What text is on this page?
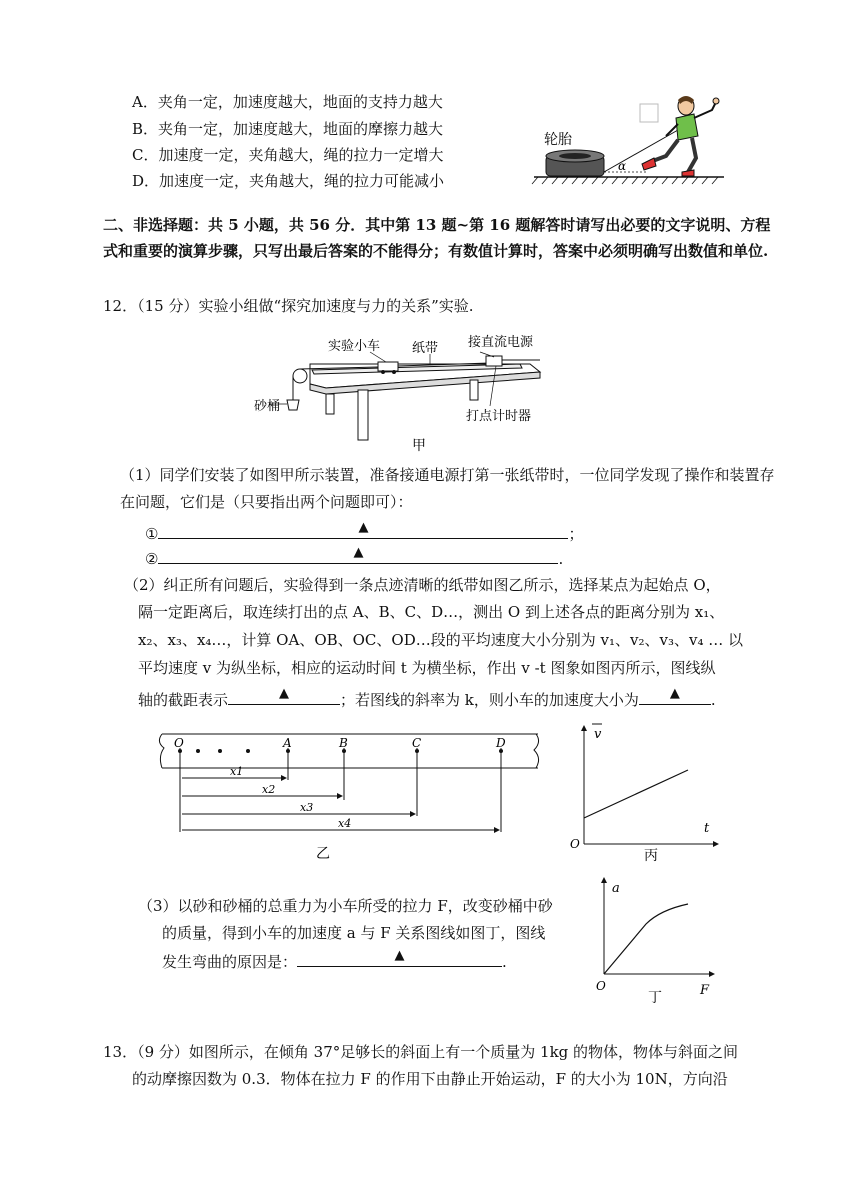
A．夹角一定，加速度越大，地面的支持力越大
B．夹角一定，加速度越大，地面的摩擦力越大
C．加速度一定，夹角越大，绳的拉力一定增大
D．加速度一定，夹角越大，绳的拉力可能减小
α
轮胎
二、非选择题：共 5 小题，共 56 分．其中第 13 题~第 16 题解答时请写出必要的文字说明、方程式和重要的演算步骤，只写出最后答案的不能得分；有数值计算时，答案中必须明确写出数值和单位.
12．（15 分）实验小组做“探究加速度与力的关系”实验.
实验小车 纸带 接直流电源
砂桶
打点计时器
甲
（1）同学们安装了如图甲所示装置，准备接通电源打第一张纸带时，一位同学发现了操作和装置存在问题，它们是（只要指出两个问题即可）：
①	▲	；
②	▲	.
（2）纠正所有问题后，实验得到一条点迹清晰的纸带如图乙所示，选择某点为起始点 O，
隔一定距离后，取连续打出的点 A、B、C、D…，测出 O 到上述各点的距离分别为 x₁、
x₂、x₃、x₄…，计算 OA、OB、OC、OD…段的平均速度大小分别为 v₁、v₂、v₃、v₄ … 以
平均速度 v 为纵坐标，相应的运动时间 t 为横坐标，作出 v -t 图象如图丙所示，图线纵
轴的截距表示	▲	；若图线的斜率为 k，则小车的加速度大小为 ▲ .
O	A	B	C	D
x1
x2
x3
x4
乙
v
t
O
丙
（3）以砂和砂桶的总重力为小车所受的拉力 F，改变砂桶中砂
的质量，得到小车的加速度 a 与 F 关系图线如图丁，图线
发生弯曲的原因是：	▲	.
a
F
O
丁
13．（9 分）如图所示，在倾角 37°足够长的斜面上有一个质量为 1kg 的物体，物体与斜面之间
的动摩擦因数为 0.3．物体在拉力 F 的作用下由静止开始运动，F 的大小为 10N，方向沿
